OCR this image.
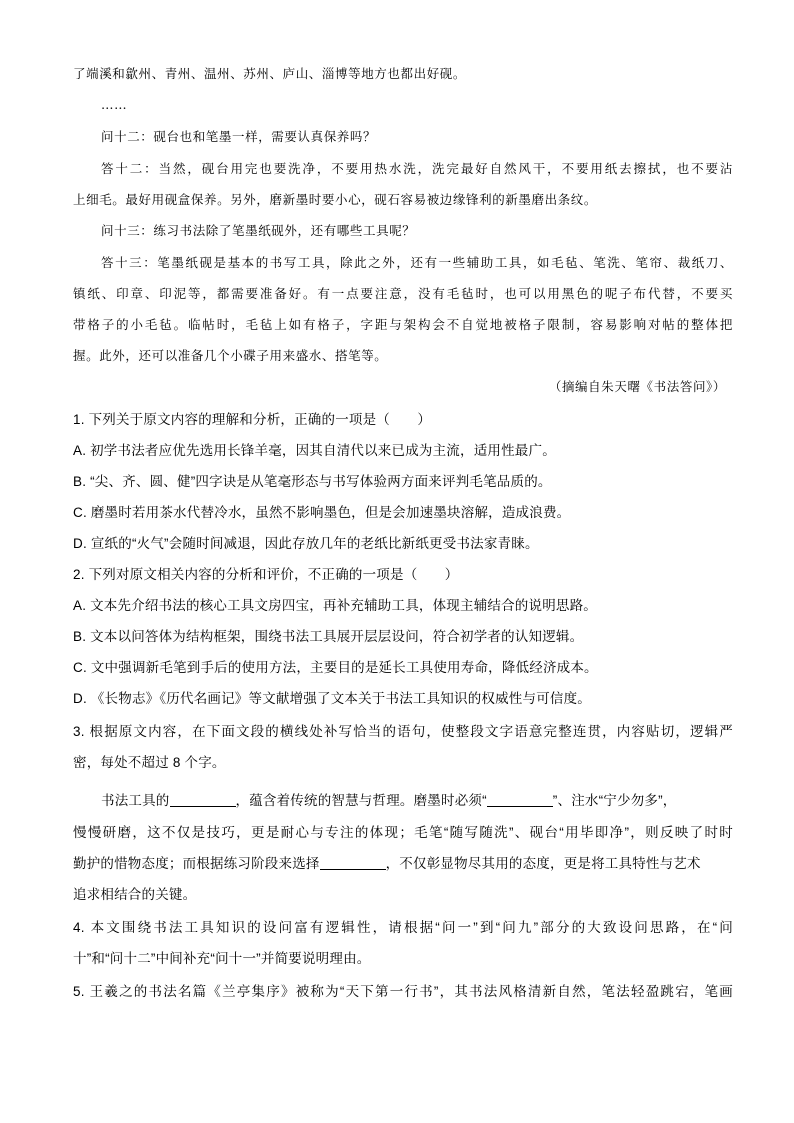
了端溪和歙州、青州、温州、苏州、庐山、淄博等地方也都出好砚。
……
问十二：砚台也和笔墨一样，需要认真保养吗？
答十二：当然，砚台用完也要洗净，不要用热水洗，洗完最好自然风干，不要用纸去擦拭，也不要沾
上细毛。最好用砚盒保养。另外，磨新墨时要小心，砚石容易被边缘锋利的新墨磨出条纹。
问十三：练习书法除了笔墨纸砚外，还有哪些工具呢？
答十三：笔墨纸砚是基本的书写工具，除此之外，还有一些辅助工具，如毛毡、笔洗、笔帘、裁纸刀、
镇纸、印章、印泥等，都需要准备好。有一点要注意，没有毛毡时，也可以用黑色的呢子布代替，不要买
带格子的小毛毡。临帖时，毛毡上如有格子，字距与架构会不自觉地被格子限制，容易影响对帖的整体把
握。此外，还可以准备几个小碟子用来盛水、搭笔等。
（摘编自朱天曙《书法答问》）
1. 下列关于原文内容的理解和分析，正确的一项是（　　）
A. 初学书法者应优先选用长锋羊毫，因其自清代以来已成为主流，适用性最广。
B. “尖、齐、圆、健”四字诀是从笔毫形态与书写体验两方面来评判毛笔品质的。
C. 磨墨时若用茶水代替冷水，虽然不影响墨色，但是会加速墨块溶解，造成浪费。
D. 宣纸的“火气”会随时间减退，因此存放几年的老纸比新纸更受书法家青睐。
2. 下列对原文相关内容的分析和评价，不正确的一项是（　　）
A. 文本先介绍书法的核心工具文房四宝，再补充辅助工具，体现主辅结合的说明思路。
B. 文本以问答体为结构框架，围绕书法工具展开层层设问，符合初学者的认知逻辑。
C. 文中强调新毛笔到手后的使用方法，主要目的是延长工具使用寿命，降低经济成本。
D. 《长物志》《历代名画记》等文献增强了文本关于书法工具知识的权威性与可信度。
3. 根据原文内容，在下面文段的横线处补写恰当的语句，使整段文字语意完整连贯，内容贴切，逻辑严
密，每处不超过 8 个字。
书法工具的	，蕴含着传统的智慧与哲理。磨墨时必须“	”、注水“宁少勿多”，
慢慢研磨，这不仅是技巧，更是耐心与专注的体现；毛笔“随写随洗”、砚台“用毕即净”，则反映了时时
勤护的惜物态度；而根据练习阶段来选择	，不仅彰显物尽其用的态度，更是将工具特性与艺术
追求相结合的关键。
4. 本文围绕书法工具知识的设问富有逻辑性，请根据“问一”到“问九”部分的大致设问思路，在“问
十”和“问十二”中间补充“问十一”并简要说明理由。
5. 王羲之的书法名篇《兰亭集序》被称为“天下第一行书”，其书法风格清新自然，笔法轻盈跳宕，笔画
